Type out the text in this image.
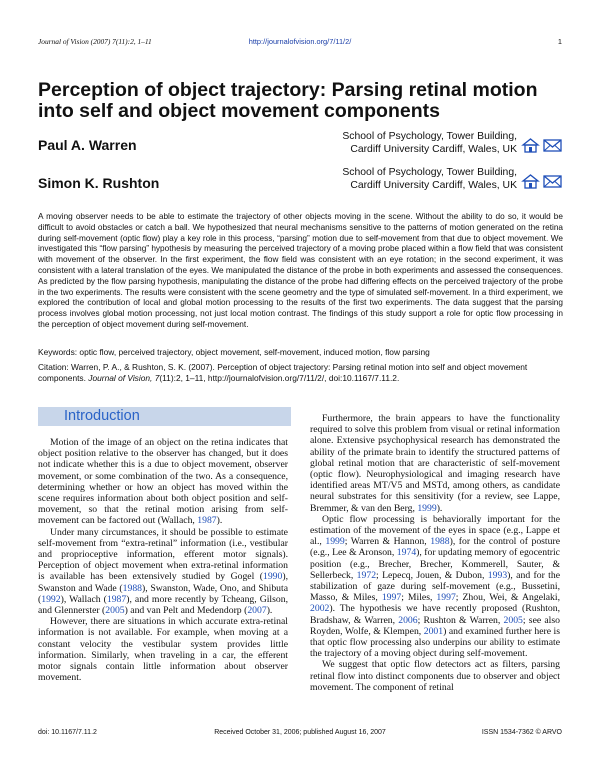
Journal of Vision (2007) 7(11):2, 1–11	http://journalofvision.org/7/11/2/	1
Perception of object trajectory: Parsing retinal motion into self and object movement components
Paul A. Warren
School of Psychology, Tower Building,
Cardiff University Cardiff, Wales, UK
Simon K. Rushton
School of Psychology, Tower Building,
Cardiff University Cardiff, Wales, UK
A moving observer needs to be able to estimate the trajectory of other objects moving in the scene. Without the ability to do so, it would be difficult to avoid obstacles or catch a ball. We hypothesized that neural mechanisms sensitive to the patterns of motion generated on the retina during self-movement (optic flow) play a key role in this process, “parsing” motion due to self-movement from that due to object movement. We investigated this “flow parsing” hypothesis by measuring the perceived trajectory of a moving probe placed within a flow field that was consistent with movement of the observer. In the first experiment, the flow field was consistent with an eye rotation; in the second experiment, it was consistent with a lateral translation of the eyes. We manipulated the distance of the probe in both experiments and assessed the consequences. As predicted by the flow parsing hypothesis, manipulating the distance of the probe had differing effects on the perceived trajectory of the probe in the two experiments. The results were consistent with the scene geometry and the type of simulated self-movement. In a third experiment, we explored the contribution of local and global motion processing to the results of the first two experiments. The data suggest that the parsing process involves global motion processing, not just local motion contrast. The findings of this study support a role for optic flow processing in the perception of object movement during self-movement.
Keywords: optic flow, perceived trajectory, object movement, self-movement, induced motion, flow parsing
Citation: Warren, P. A., & Rushton, S. K. (2007). Perception of object trajectory: Parsing retinal motion into self and object movement components. Journal of Vision, 7(11):2, 1–11, http://journalofvision.org/7/11/2/, doi:10.1167/7.11.2.
Introduction

Motion of the image of an object on the retina indicates that object position relative to the observer has changed, but it does not indicate whether this is a due to object movement, observer movement, or some combination of the two. As a consequence, determining whether or how an object has moved within the scene requires information about both object position and self-movement, so that the retinal motion arising from self-movement can be factored out (Wallach, 1987).

Under many circumstances, it should be possible to estimate self-movement from “extra-retinal” information (i.e., vestibular and proprioceptive information, efferent motor signals). Perception of object movement when extra-retinal information is available has been extensively studied by Gogel (1990), Swanston and Wade (1988), Swanston, Wade, Ono, and Shibuta (1992), Wallach (1987), and more recently by Tcheang, Gilson, and Glennerster (2005) and van Pelt and Medendorp (2007).

However, there are situations in which accurate extra-retinal information is not available. For example, when moving at a constant velocity the vestibular system provides little information. Similarly, when traveling in a car, the efferent motor signals contain little information about observer movement.

Furthermore, the brain appears to have the functionality required to solve this problem from visual or retinal information alone. Extensive psychophysical research has demonstrated the ability of the primate brain to identify the structured patterns of global retinal motion that are characteristic of self-movement (optic flow). Neurophysiological and imaging research have identified areas MT/V5 and MSTd, among others, as candidate neural substrates for this sensitivity (for a review, see Lappe, Bremmer, & van den Berg, 1999).

Optic flow processing is behaviorally important for the estimation of the movement of the eyes in space (e.g., Lappe et al., 1999; Warren & Hannon, 1988), for the control of posture (e.g., Lee & Aronson, 1974), for updating memory of egocentric position (e.g., Brecher, Brecher, Kommerell, Sauter, & Sellerbeck, 1972; Lepecq, Jouen, & Dubon, 1993), and for the stabilization of gaze during self-movement (e.g., Bussetini, Masso, & Miles, 1997; Miles, 1997; Zhou, Wei, & Angelaki, 2002). The hypothesis we have recently proposed (Rushton, Bradshaw, & Warren, 2006; Rushton & Warren, 2005; see also Royden, Wolfe, & Klempen, 2001) and examined further here is that optic flow processing also underpins our ability to estimate the trajectory of a moving object during self-movement.

We suggest that optic flow detectors act as filters, parsing retinal flow into distinct components due to observer and object movement. The component of retinal

doi: 10.1167/7.11.2	Received October 31, 2006; published August 16, 2007	ISSN 1534-7362 © ARVO
